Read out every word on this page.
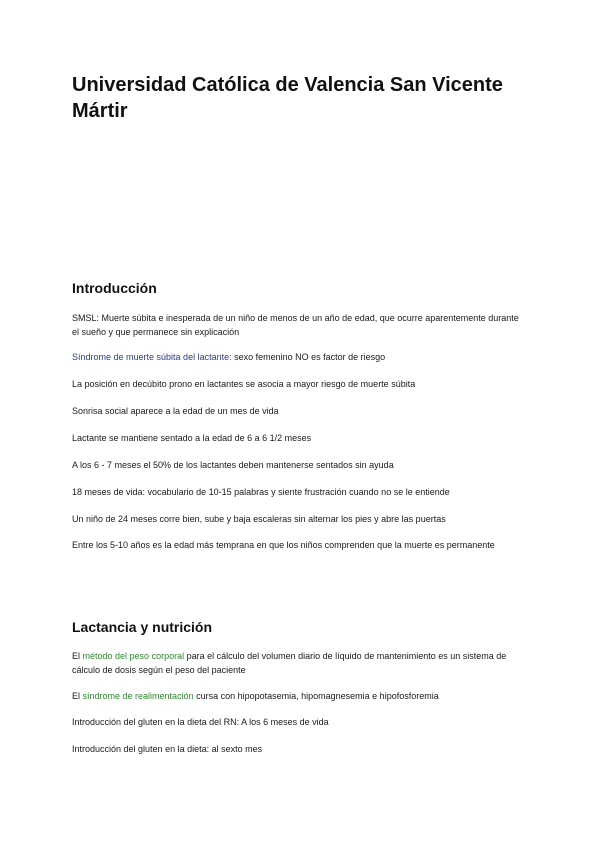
Universidad Católica de Valencia San Vicente Mártir
Introducción

SMSL: Muerte súbita e inesperada de un niño de menos de un año de edad, que ocurre aparentemente durante el sueño y que permanece sin explicación

Síndrome de muerte súbita del lactante: sexo femenino NO es factor de riesgo

La posición en decúbito prono en lactantes se asocia a mayor riesgo de muerte súbita

Sonrisa social aparece a la edad de un mes de vida

Lactante se mantiene sentado a la edad de 6 a 6 1/2 meses

A los 6 - 7 meses el 50% de los lactantes deben mantenerse sentados sin ayuda

18 meses de vida: vocabulario de 10-15 palabras y siente frustración cuando no se le entiende

Un niño de 24 meses corre bien, sube y baja escaleras sin alternar los pies y abre las puertas

Entre los 5-10 años es la edad más temprana en que los niños comprenden que la muerte es permanente

Lactancia y nutrición

El método del peso corporal para el cálculo del volumen diario de líquido de mantenimiento es un sistema de cálculo de dosis según el peso del paciente

El síndrome de realimentación cursa con hipopotasemia, hipomagnesemia e hipofosforemia

Introducción del gluten en la dieta del RN: A los 6 meses de vida

Introducción del gluten en la dieta: al sexto mes
